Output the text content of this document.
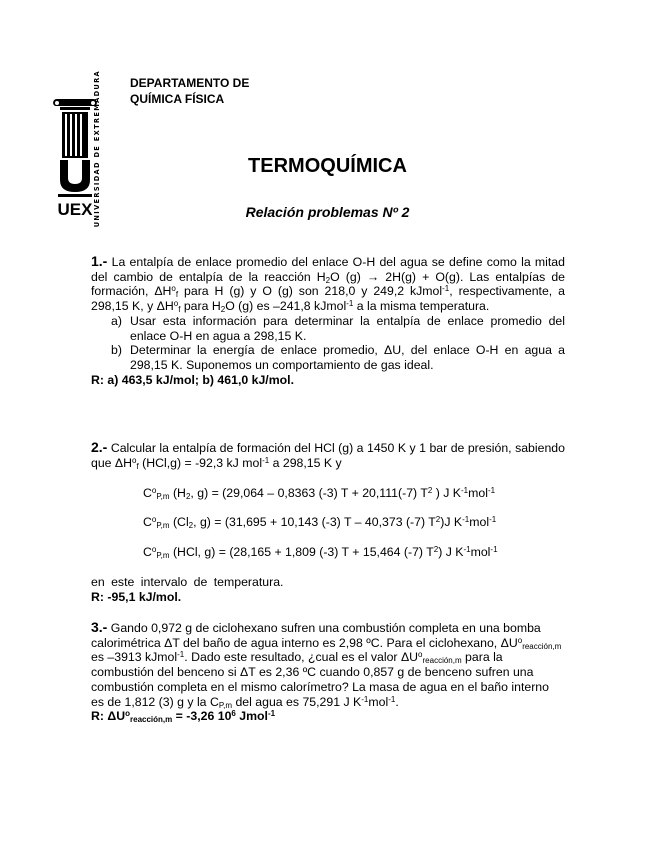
UEX UNIVERSIDAD DE EXTREMADURA DEPARTAMENTO DE
QUÍMICA FÍSICA
TERMOQUÍMICA
Relación problemas Nº 2
1.- La entalpía de enlace promedio del enlace O-H del agua se define como la mitad del cambio de entalpía de la reacción $H_2O$ (g) → 2H(g) + O(g). Las entalpías de formación, $\Delta H^o_f$ para H (g) y O (g) son 218,0 y 249,2 kJmol$^{-1}$, respectivamente, a 298,15 K, y $\Delta H^o_f$ para $H_2O$ (g) es –241,8 kJmol$^{-1}$ a la misma temperatura.
a) Usar esta información para determinar la entalpía de enlace promedio del enlace O-H en agua a 298,15 K.
b) Determinar la energía de enlace promedio, ΔU, del enlace O-H en agua a 298,15 K. Suponemos un comportamiento de gas ideal.
R: a) 463,5 kJ/mol; b) 461,0 kJ/mol.
2.- Calcular la entalpía de formación del HCl (g) a 1450 K y 1 bar de presión, sabiendo que $\Delta H^o_f$ (HCl,g) = -92,3 kJ mol$^{-1}$ a 298,15 K y
$C^o_{P,m}$ ($H_2$, g) = (29,064 – 0,8363 (-3) T + 20,111(-7) $T^2$ ) J $K^{-1}mol^{-1}$
$C^o_{P,m}$ ($Cl_2$, g) = (31,695 + 10,143 (-3) T – 40,373 (-7) $T^2)J$ $K^{-1}mol^{-1}$
$C^o_{P,m}$ (HCl, g) = (28,165 + 1,809 (-3) T + 15,464 (-7) $T^2$) J $K^{-1}mol^{-1}$
en este intervalo de temperatura.
R: -95,1 kJ/mol.
3.- Gando 0,972 g de ciclohexano sufren una combustión completa en una bomba calorimétrica ΔT del baño de agua interno es 2,98 ºC. Para el ciclohexano, $\Delta U^o_{reacción,m}$ es –3913 kJmol$^{-1}$. Dado este resultado, ¿cual es el valor $\Delta U^o_{reacción,m}$ para la combustión del benceno si ΔT es 2,36 ºC cuando 0,857 g de benceno sufren una combustión completa en el mismo calorímetro? La masa de agua en el baño interno es de 1,812 (3) g y la $C_{P,m}$ del agua es 75,291 J $K^{-1}mol^{-1}$.
R: $\Delta U^o_{reacción,m} = -3,26$ $10^6$ Jmol$^{-1}$
